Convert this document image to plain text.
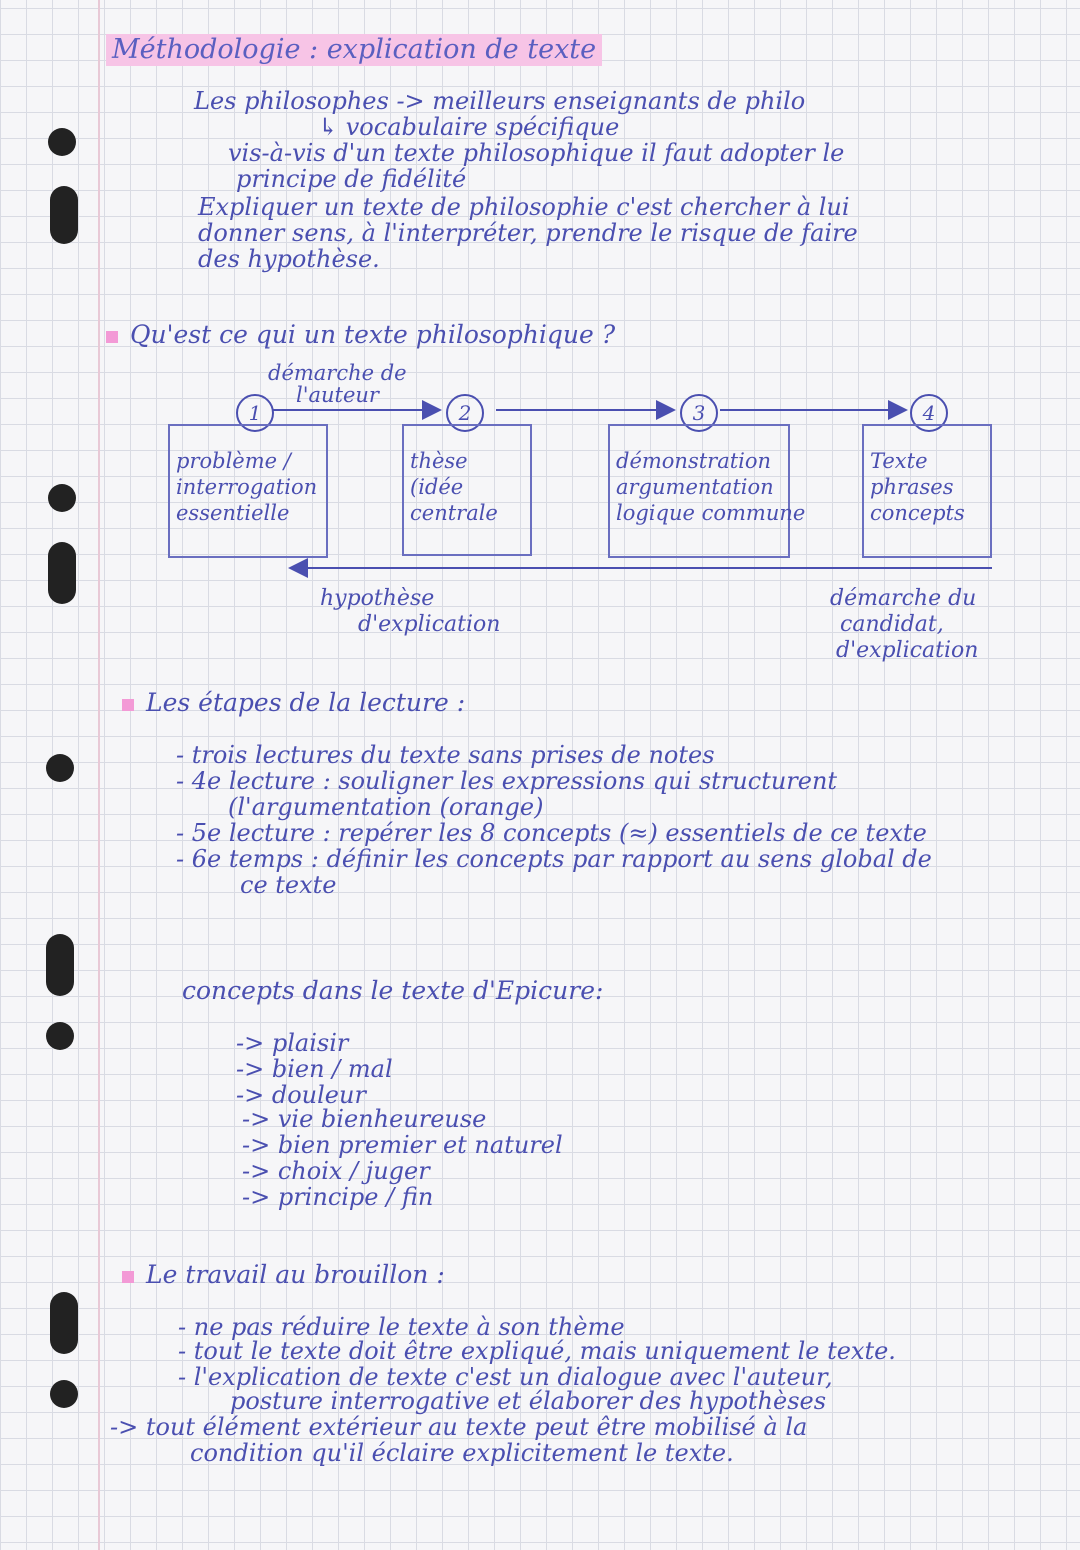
Méthodologie : explication de texte
Les philosophes -> meilleurs enseignants de philo
↳ vocabulaire spécifique
vis-à-vis d'un texte philosophique il faut adopter le
principe de fidélité
Expliquer un texte de philosophie c'est chercher à lui
donner sens, à l'interpréter, prendre le risque de faire
des hypothèse.
Qu'est ce qui un texte philosophique ?
démarche de
l'auteur
1	2	3	4
problème /
interrogation
essentielle
thèse
(idée
centrale
démonstration
argumentation
logique commune
Texte
phrases
concepts
hypothèse
d'explication
démarche du
candidat,
d'explication
Les étapes de la lecture :
- trois lectures du texte sans prises de notes
- 4e lecture : souligner les expressions qui structurent
(l'argumentation (orange)
- 5e lecture : repérer les 8 concepts (≈) essentiels de ce texte
- 6e temps : définir les concepts par rapport au sens global de
ce texte
concepts dans le texte d'Epicure:
-> plaisir
-> bien / mal
-> douleur
-> vie bienheureuse
-> bien premier et naturel
-> choix / juger
-> principe / fin
Le travail au brouillon :
- ne pas réduire le texte à son thème
- tout le texte doit être expliqué, mais uniquement le texte.
- l'explication de texte c'est un dialogue avec l'auteur,
posture interrogative et élaborer des hypothèses
-> tout élément extérieur au texte peut être mobilisé à la
condition qu'il éclaire explicitement le texte.
